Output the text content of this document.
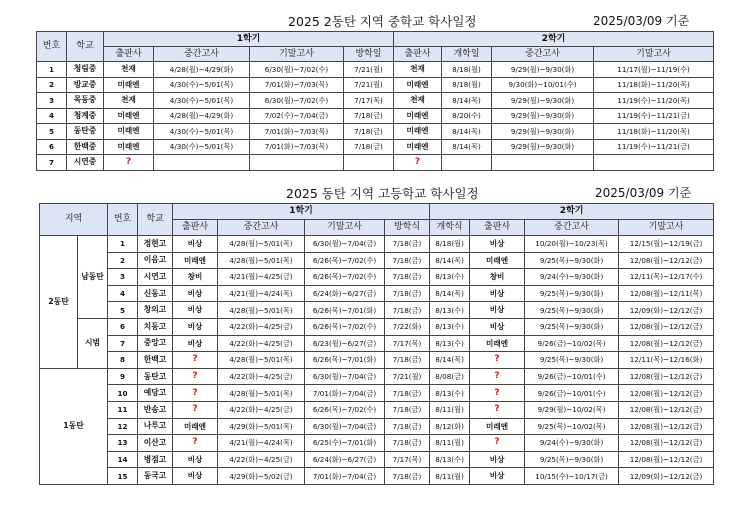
2025 2동탄 지역 중학교 학사일정	2025/03/09 기준
번호	학교	1학기				2학기			
		출판사	중간고사	기말고사	방학일	출판사	개학일	중간고사	기말고사
1	청림중	천재	4/28(월)~4/29(화)	6/30(월)~7/02(수)	7/21(월)	천재	8/18(월)	9/29(월)~9/30(화)	11/17(월)~11/19(수)
2	방교중	미래엔	4/30(수)~5/01(목)	7/01(화)~7/03(목)	7/21(월)	미래엔	8/18(월)	9/30(화)~10/01(수)	11/18(화)~11/20(목)
3	목동중	천재	4/30(수)~5/01(목)	6/30(월)~7/02(수)	7/17(목)	천재	8/14(목)	9/29(월)~9/30(화)	11/19(수)~11/20(목)
4	청계중	미래엔	4/28(월)~4/29(화)	7/02(수)~7/04(금)	7/18(금)	미래엔	8/20(수)	9/29(월)~9/30(화)	11/19(수)~11/21(금)
5	동탄중	미래엔	4/30(수)~5/01(목)	7/01(화)~7/03(목)	7/18(금)	미래엔	8/14(목)	9/29(월)~9/30(화)	11/18(화)~11/20(목)
6	한백중	미래엔	4/30(수)~5/01(목)	7/01(화)~7/03(목)	7/18(금)	미래엔	8/14(목)	9/29(월)~9/30(화)	11/19(수)~11/21(금)
7	시연중	?				?			
2025 동탄 지역 고등학교 학사일정	2025/03/09 기준
지역		번호	학교	1학기				2학기			
				출판사	중간고사	기말고사	방학식	개학식	출판사	중간고사	기말고사
2동탄	남동탄	1	정현고	비상	4/28(월)~5/01(목)	6/30(월)~7/04(금)	7/18(금)	8/18(월)	비상	10/20(월)~10/23(목)	12/15(월)~12/19(금)
		2	이음고	미래엔	4/28(월)~5/01(목)	6/26(목)~7/02(수)	7/18(금)	8/14(목)	미래엔	9/25(목)~9/30(화)	12/08(월)~12/12(금)
		3	시연고	창비	4/21(월)~4/25(금)	6/26(목)~7/02(수)	7/18(금)	8/13(수)	창비	9/24(수)~9/30(화)	12/11(목)~12/17(수)
		4	신동고	비상	4/21(월)~4/24(목)	6/24(화)~6/27(금)	7/18(금)	8/14(목)	비상	9/25(목)~9/30(화)	12/08(월)~12/11(목)
		5	창의고	비상	4/28(월)~5/01(목)	6/26(목)~7/01(화)	7/18(금)	8/13(수)	비상	9/25(목)~9/30(화)	12/09(화)~12/12(금)
	시범	6	치동고	비상	4/22(화)~4/25(금)	6/26(목)~7/02(수)	7/22(화)	8/13(수)	비상	9/25(목)~9/30(화)	12/08(월)~12/12(금)
		7	중앙고	비상	4/22(화)~4/25(금)	6/23(월)~6/27(금)	7/17(목)	8/13(수)	미래엔	9/26(금)~10/02(목)	12/08(월)~12/12(금)
		8	한백고	?	4/28(월)~5/01(목)	6/26(목)~7/01(화)	7/18(금)	8/14(목)	?	9/25(목)~9/30(화)	12/11(목)~12/16(화)
1동탄		9	동탄고	?	4/22(화)~4/25(금)	6/30(월)~7/04(금)	7/21(월)	8/08(금)	?	9/26(금)~10/01(수)	12/08(월)~12/12(금)
		10	예당고	?	4/28(월)~5/01(목)	7/01(화)~7/04(금)	7/18(금)	8/13(수)	?	9/26(금)~10/01(수)	12/08(월)~12/12(금)
		11	반송고	?	4/22(화)~4/25(금)	6/26(목)~7/02(수)	7/18(금)	8/11(월)	?	9/29(월)~10/02(목)	12/08(월)~12/12(금)
		12	나루고	미래엔	4/29(화)~5/01(목)	6/30(월)~7/04(금)	7/18(금)	8/12(화)	미래엔	9/25(목)~10/02(목)	12/08(월)~12/12(금)
		13	이산고	?	4/21(월)~4/24(목)	6/25(수)~7/01(화)	7/18(금)	8/11(월)	?	9/24(수)~9/30(화)	12/08(월)~12/12(금)
		14	병점고	비상	4/22(화)~4/25(금)	6/24(화)~6/27(금)	7/17(목)	8/13(수)	비상	9/25(목)~9/30(화)	12/08(월)~12/12(금)
		15	동국고	비상	4/29(화)~5/02(금)	7/01(화)~7/04(금)	7/18(금)	8/11(월)	비상	10/15(수)~10/17(금)	12/09(화)~12/12(금)
